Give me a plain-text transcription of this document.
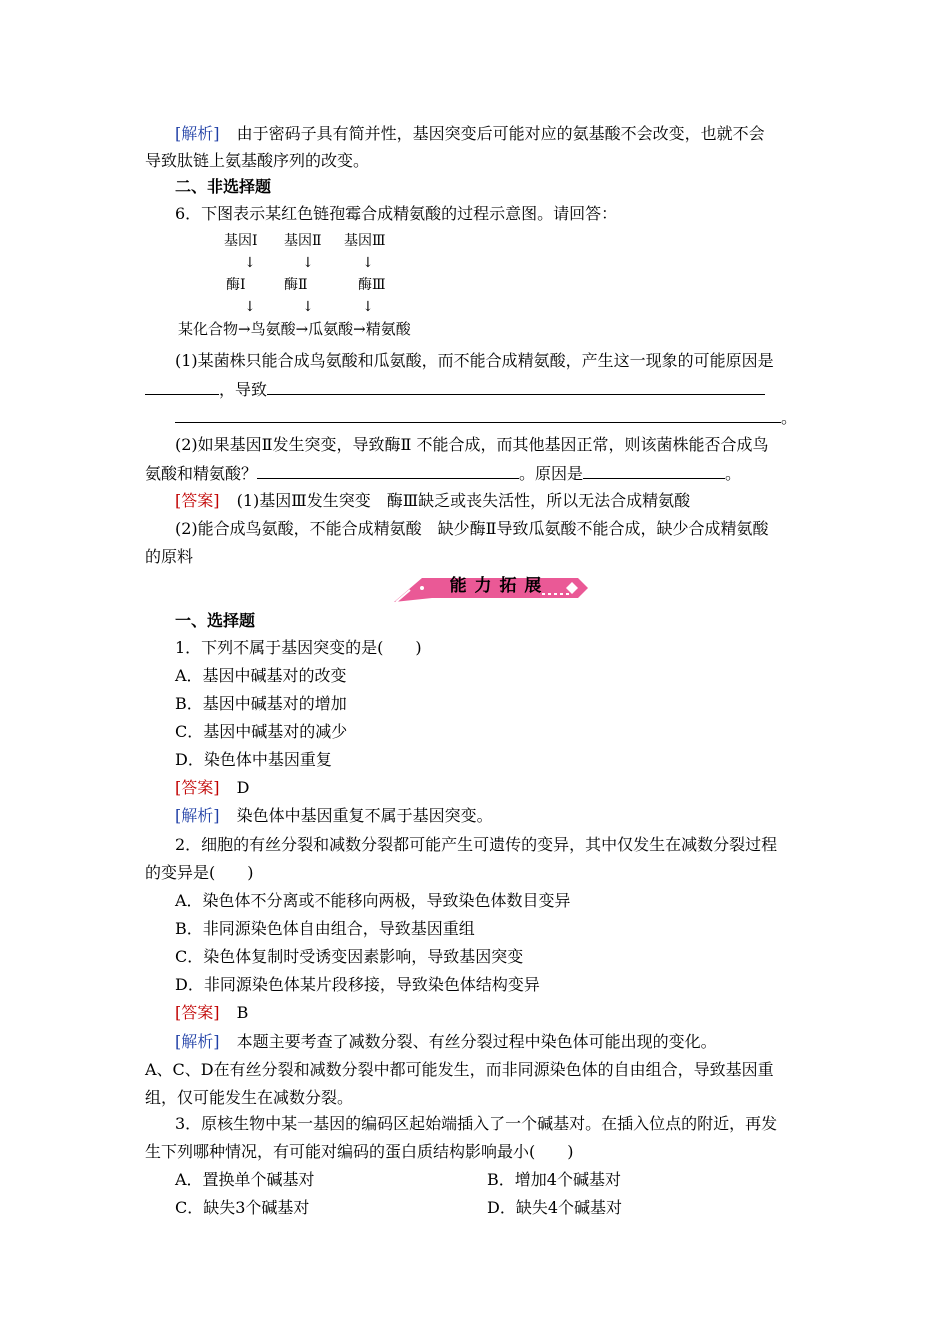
[解析] 由于密码子具有简并性，基因突变后可能对应的氨基酸不会改变，也就不会
导致肽链上氨基酸序列的改变。
二、非选择题
6．下图表示某红色链孢霉合成精氨酸的过程示意图。请回答：
基因Ⅰ 基因Ⅱ 基因Ⅲ
↓	↓	↓
酶Ⅰ	酶Ⅱ	酶Ⅲ
↓	↓	↓
某化合物→鸟氨酸→瓜氨酸→精氨酸
(1)某菌株只能合成鸟氨酸和瓜氨酸，而不能合成精氨酸，产生这一现象的可能原因是
，导致
。
(2)如果基因Ⅱ发生突变，导致酶Ⅱ 不能合成，而其他基因正常，则该菌株能否合成鸟
氨酸和精氨酸？	。原因是	。
[答案] (1)基因Ⅲ发生突变　酶Ⅲ缺乏或丧失活性，所以无法合成精氨酸
(2)能合成鸟氨酸，不能合成精氨酸　缺少酶Ⅱ导致瓜氨酸不能合成，缺少合成精氨酸
的原料
能 力 拓 展
一、选择题
1．下列不属于基因突变的是(　　)
A．基因中碱基对的改变
B．基因中碱基对的增加
C．基因中碱基对的减少
D．染色体中基因重复
[答案] D
[解析] 染色体中基因重复不属于基因突变。
2．细胞的有丝分裂和减数分裂都可能产生可遗传的变异，其中仅发生在减数分裂过程
的变异是(　　)
A．染色体不分离或不能移向两极，导致染色体数目变异
B．非同源染色体自由组合，导致基因重组
C．染色体复制时受诱变因素影响，导致基因突变
D．非同源染色体某片段移接，导致染色体结构变异
[答案] B
[解析] 本题主要考查了减数分裂、有丝分裂过程中染色体可能出现的变化。
A、C、D在有丝分裂和减数分裂中都可能发生，而非同源染色体的自由组合，导致基因重
组，仅可能发生在减数分裂。
3．原核生物中某一基因的编码区起始端插入了一个碱基对。在插入位点的附近，再发
生下列哪种情况，有可能对编码的蛋白质结构影响最小(　　)
A．置换单个碱基对	B．增加4个碱基对
C．缺失3个碱基对	D．缺失4个碱基对
